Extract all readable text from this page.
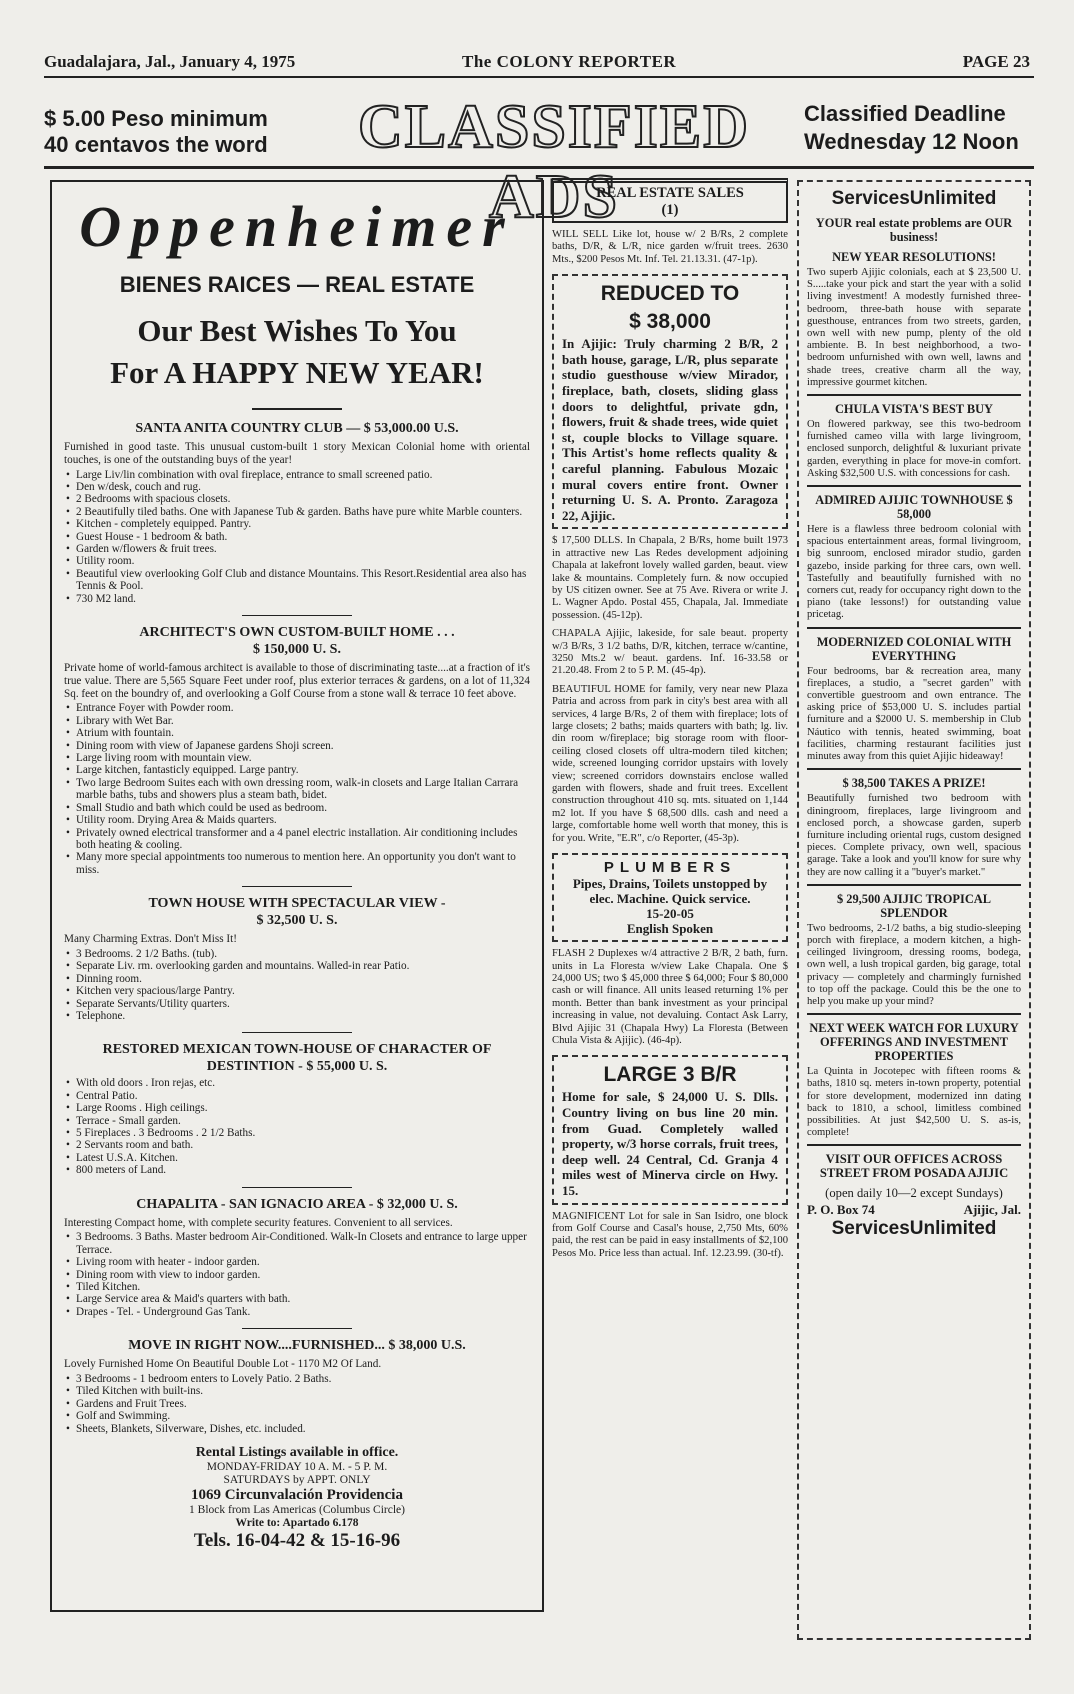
Guadalajara, Jal., January 4, 1975	The COLONY REPORTER	PAGE 23
$ 5.00 Peso minimum
40 centavos the word	CLASSIFIED ADS
Classified Deadline
Wednesday 12 Noon
Oppenheimer
BIENES RAICES — REAL ESTATE
Our Best Wishes To You
For A HAPPY NEW YEAR!
SANTA ANITA COUNTRY CLUB — $ 53,000.00 U.S.
Furnished in good taste. This unusual custom-built 1 story Mexican Colonial home with oriental touches, is one of the outstanding buys of the year!
• Large Liv/lin combination with oval fireplace, entrance to small screened patio.
• Den w/desk, couch and rug.
• 2 Bedrooms with spacious closets.
• 2 Beautifully tiled baths. One with Japanese Tub & garden. Baths have pure white Marble counters.
• Kitchen - completely equipped. Pantry.
• Guest House - 1 bedroom & bath.
• Garden w/flowers & fruit trees.
• Utility room.
• Beautiful view overlooking Golf Club and distance Mountains. This Resort.Residential area also has Tennis & Pool.
• 730 M2 land.
ARCHITECT'S OWN CUSTOM-BUILT HOME . . .
$ 150,000 U. S.
Private home of world-famous architect is available to those of discriminating taste....at a fraction of it's true value. There are 5,565 Square Feet under roof, plus exterior terraces & gardens, on a lot of 11,324 Sq. feet on the boundry of, and overlooking a Golf Course from a stone wall & terrace 10 feet above.
• Entrance Foyer with Powder room.
• Library with Wet Bar.
• Atrium with fountain.
• Dining room with view of Japanese gardens Shoji screen.
• Large living room with mountain view.
• Large kitchen, fantasticly equipped. Large pantry.
• Two large Bedroom Suites each with own dressing room, walk-in closets and Large Italian Carrara marble baths, tubs and showers plus a steam bath, bidet.
• Small Studio and bath which could be used as bedroom.
• Utility room. Drying Area & Maids quarters.
• Privately owned electrical transformer and a 4 panel electric installation. Air conditioning includes both heating & cooling.
• Many more special appointments too numerous to mention here. An opportunity you don't want to miss.
TOWN HOUSE WITH SPECTACULAR VIEW -
$ 32,500 U. S.
Many Charming Extras. Don't Miss It!
• 3 Bedrooms. 2 1/2 Baths. (tub).
• Separate Liv. rm. overlooking garden and mountains. Walled-in rear Patio.
• Dinning room.
• Kitchen very spacious/large Pantry.
• Separate Servants/Utility quarters.
• Telephone.
RESTORED MEXICAN TOWN-HOUSE OF CHARACTER OF DESTINTION - $ 55,000 U. S.
• With old doors . Iron rejas, etc.
• Central Patio.
• Large Rooms . High ceilings.
• Terrace - Small garden.
• 5 Fireplaces . 3 Bedrooms . 2 1/2 Baths.
• 2 Servants room and bath.
• Latest U.S.A. Kitchen.
• 800 meters of Land.
CHAPALITA - SAN IGNACIO AREA - $ 32,000 U. S.
Interesting Compact home, with complete security features. Convenient to all services.
• 3 Bedrooms. 3 Baths. Master bedroom Air-Conditioned. Walk-In Closets and entrance to large upper Terrace.
• Living room with heater - indoor garden.
• Dining room with view to indoor garden.
• Tiled Kitchen.
• Large Service area & Maid's quarters with bath.
• Drapes - Tel. - Underground Gas Tank.
MOVE IN RIGHT NOW....FURNISHED... $ 38,000 U.S.
Lovely Furnished Home On Beautiful Double Lot - 1170 M2 Of Land.
• 3 Bedrooms - 1 bedroom enters to Lovely Patio. 2 Baths.
• Tiled Kitchen with built-ins.
• Gardens and Fruit Trees.
• Golf and Swimming.
• Sheets, Blankets, Silverware, Dishes, etc. included.
Rental Listings available in office.
MONDAY-FRIDAY 10 A. M. - 5 P. M.
SATURDAYS by APPT. ONLY
1069 Circunvalación Providencia
1 Block from Las Americas (Columbus Circle)
Write to: Apartado 6.178
Tels. 16-04-42 & 15-16-96
REAL ESTATE SALES
(1)
WILL SELL Like lot, house w/ 2 B/Rs, 2 complete baths, D/R, & L/R, nice garden w/fruit trees. 2630 Mts., $200 Pesos Mt. Inf. Tel. 21.13.31. (47-1p).
REDUCED TO
$ 38,000
In Ajijic: Truly charming 2 B/R, 2 bath house, garage, L/R, plus separate studio guesthouse w/view Mirador, fireplace, bath, closets, sliding glass doors to delightful, private gdn, flowers, fruit & shade trees, wide quiet st, couple blocks to Village square. This Artist's home reflects quality & careful planning. Fabulous Mozaic mural covers entire front. Owner returning U. S. A. Pronto. Zaragoza 22, Ajijic.
$ 17,500 DLLS. In Chapala, 2 B/Rs, home built 1973 in attractive new Las Redes development adjoining Chapala at lakefront lovely walled garden, beaut. view lake & mountains. Completely furn. & now occupied by US citizen owner. See at 75 Ave. Rivera or write J. L. Wagner Apdo. Postal 455, Chapala, Jal. Immediate possession. (45-12p).
CHAPALA Ajijic, lakeside, for sale beaut. property w/3 B/Rs, 3 1/2 baths, D/R, kitchen, terrace w/cantine, 3250 Mts.2 w/ beaut. gardens. Inf. 16-33.58 or 21.20.48. From 2 to 5 P. M. (45-4p).
BEAUTIFUL HOME for family, very near new Plaza Patria and across from park in city's best area with all services, 4 large B/Rs, 2 of them with fireplace; lots of large closets; 2 baths; maids quarters with bath; lg. liv. din room w/fireplace; big storage room with floor-ceiling closed closets off ultra-modern tiled kitchen; wide, screened lounging corridor upstairs with lovely view; screened corridors downstairs enclose walled garden with flowers, shade and fruit trees. Excellent construction throughout 410 sq. mts. situated on 1,144 m2 lot. If you have $ 68,500 dlls. cash and need a large, comfortable home well worth that money, this is for you. Write, "E.R", c/o Reporter, (45-3p).
PLUMBERS
Pipes, Drains, Toilets unstopped by elec. Machine. Quick service.
15-20-05
English Spoken
FLASH 2 Duplexes w/4 attractive 2 B/R, 2 bath, furn. units in La Floresta w/view Lake Chapala. One $ 24,000 US; two $ 45,000 three $ 64,000; Four $ 80,000 cash or will finance. All units leased returning 1% per month. Better than bank investment as your principal increasing in value, not devaluing. Contact Ask Larry, Blvd Ajijic 31 (Chapala Hwy) La Floresta (Between Chula Vista & Ajijic). (46-4p).
LARGE 3 B/R
Home for sale, $ 24,000 U. S. Dlls. Country living on bus line 20 min. from Guad. Completely walled property, w/3 horse corrals, fruit trees, deep well. 24 Central, Cd. Granja 4 miles west of Minerva circle on Hwy. 15.
MAGNIFICENT Lot for sale in San Isidro, one block from Golf Course and Casal's house, 2,750 Mts, 60% paid, the rest can be paid in easy installments of $2,100 Pesos Mo. Price less than actual. Inf. 12.23.99. (30-tf).
ServicesUnlimited
YOUR real estate problems are OUR business!
NEW YEAR RESOLUTIONS!
Two superb Ajijic colonials, each at $ 23,500 U. S.....take your pick and start the year with a solid living investment! A modestly furnished three-bedroom, three-bath house with separate guesthouse, entrances from two streets, garden, own well with new pump, plenty of the old ambiente. B. In best neighborhood, a two-bedroom unfurnished with own well, lawns and shade trees, creative charm all the way, impressive gourmet kitchen.
CHULA VISTA'S BEST BUY
On flowered parkway, see this two-bedroom furnished cameo villa with large livingroom, enclosed sunporch, delightful & luxuriant private garden, everything in place for move-in comfort. Asking $32,500 U.S. with concessions for cash.
ADMIRED AJIJIC TOWNHOUSE $ 58,000
Here is a flawless three bedroom colonial with spacious entertainment areas, formal livingroom, big sunroom, enclosed mirador studio, garden gazebo, inside parking for three cars, own well. Tastefully and beautifully furnished with no corners cut, ready for occupancy right down to the piano (take lessons!) for outstanding value pricetag.
MODERNIZED COLONIAL WITH EVERYTHING
Four bedrooms, bar & recreation area, many fireplaces, a studio, a "secret garden" with convertible guestroom and own entrance. The asking price of $53,000 U. S. includes partial furniture and a $2000 U. S. membership in Club Náutico with tennis, heated swimming, boat facilities, charming restaurant facilities just minutes away from this quiet Ajijic hideaway!
$ 38,500 TAKES A PRIZE!
Beautifully furnished two bedroom with diningroom, fireplaces, large livingroom and enclosed porch, a showcase garden, superb furniture including oriental rugs, custom designed pieces. Complete privacy, own well, spacious garage. Take a look and you'll know for sure why they are now calling it a "buyer's market."
$ 29,500 AJIJIC TROPICAL SPLENDOR
Two bedrooms, 2-1/2 baths, a big studio-sleeping porch with fireplace, a modern kitchen, a high-ceilinged livingroom, dressing rooms, bodega, own well, a lush tropical garden, big garage, total privacy — completely and charmingly furnished to top off the package. Could this be the one to help you make up your mind?
NEXT WEEK WATCH FOR LUXURY OFFERINGS AND INVESTMENT PROPERTIES
La Quinta in Jocotepec with fifteen rooms & baths, 1810 sq. meters in-town property, potential for store development, modernized inn dating back to 1810, a school, limitless combined possibilities. At just $42,500 U. S. as-is, complete!
VISIT OUR OFFICES ACROSS STREET FROM POSADA AJIJIC
(open daily 10—2 except Sundays)
P. O. Box 74	Ajijic, Jal.
ServicesUnlimited
